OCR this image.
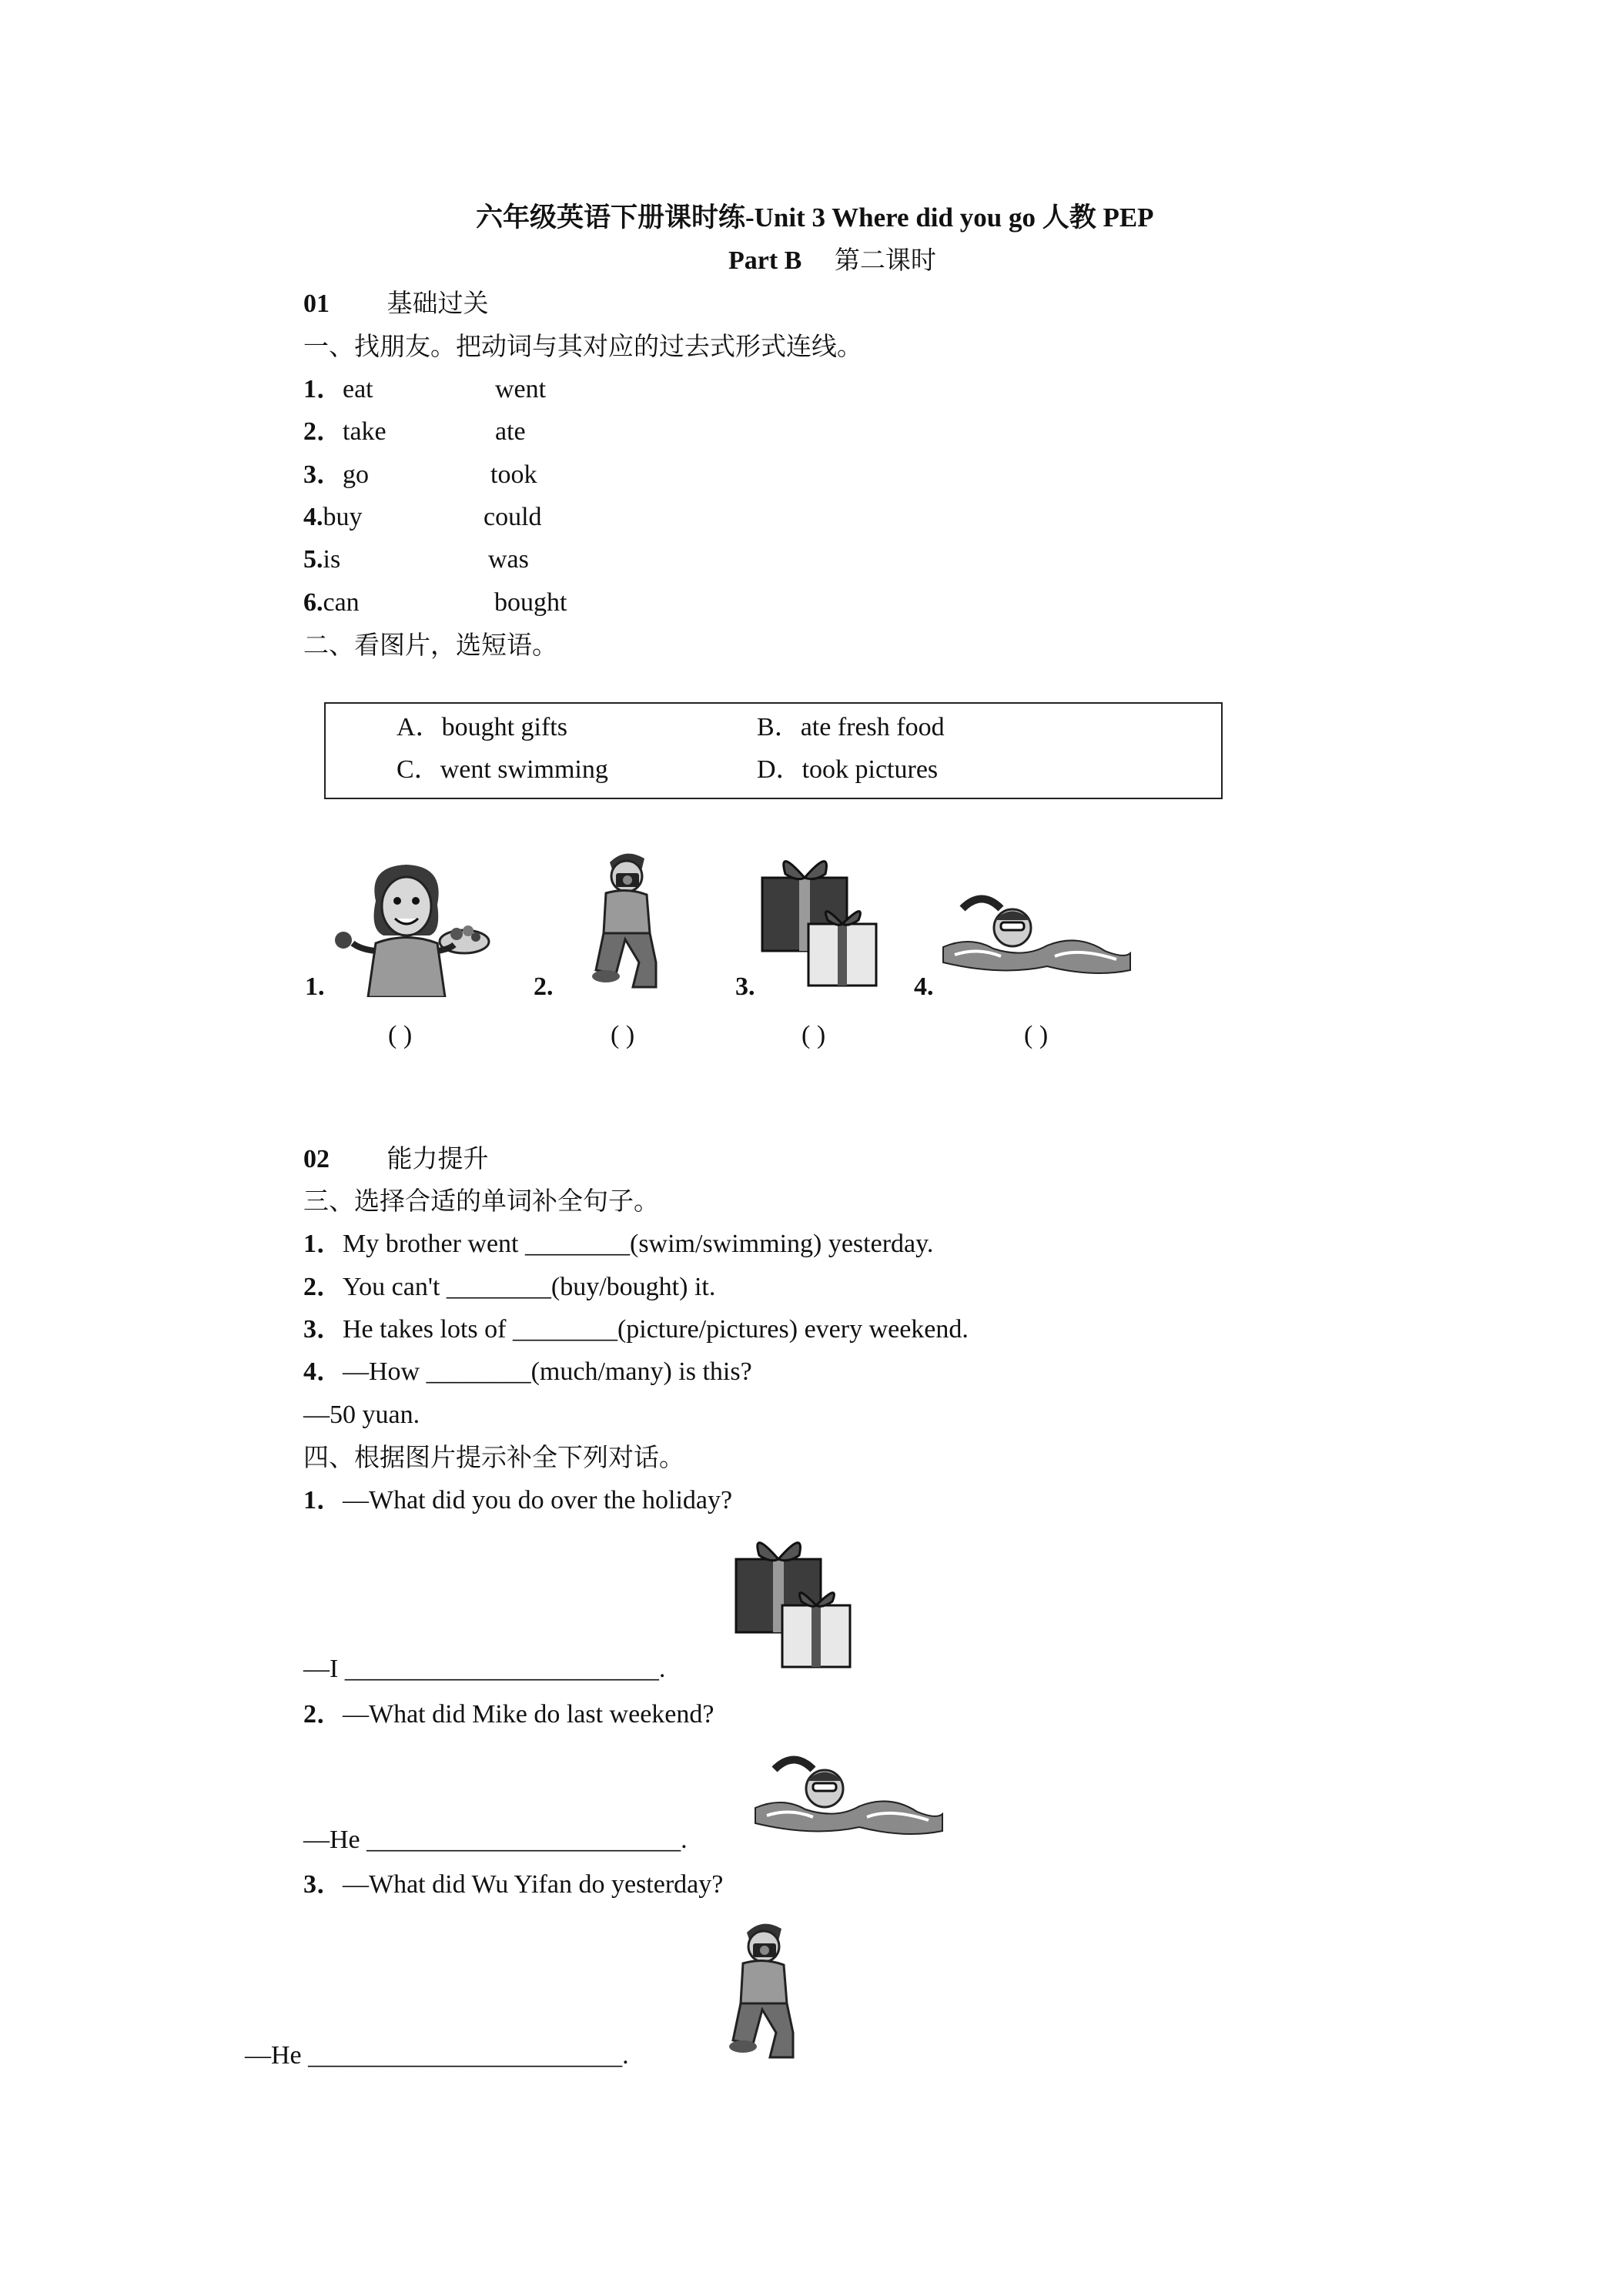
六年级英语下册课时练-Unit 3 Where did you go 人教 PEP
Part B 第二课时
01 基础过关
一、找朋友。把动词与其对应的过去式形式连线。
1．eat	went
2．take	ate
3．go	took
4.buy	could
5.is	was
6.can	bought
二、看图片，选短语。
A．bought gifts	B．ate fresh food
C．went swimming	D．took pictures
1.	2.	3.	4.
( )	( )	( )	( )
02 能力提升
三、选择合适的单词补全句子。
1．My brother went ________(swim/swimming) yesterday.
2．You can't ________(buy/bought) it.
3．He takes lots of ________(picture/pictures) every weekend.
4．—How ________(much/many) is this?
—50 yuan.
四、根据图片提示补全下列对话。
1．—What did you do over the holiday?
—I ________________________.
2．—What did Mike do last weekend?
—He ________________________.
3．—What did Wu Yifan do yesterday?
—He ________________________.
